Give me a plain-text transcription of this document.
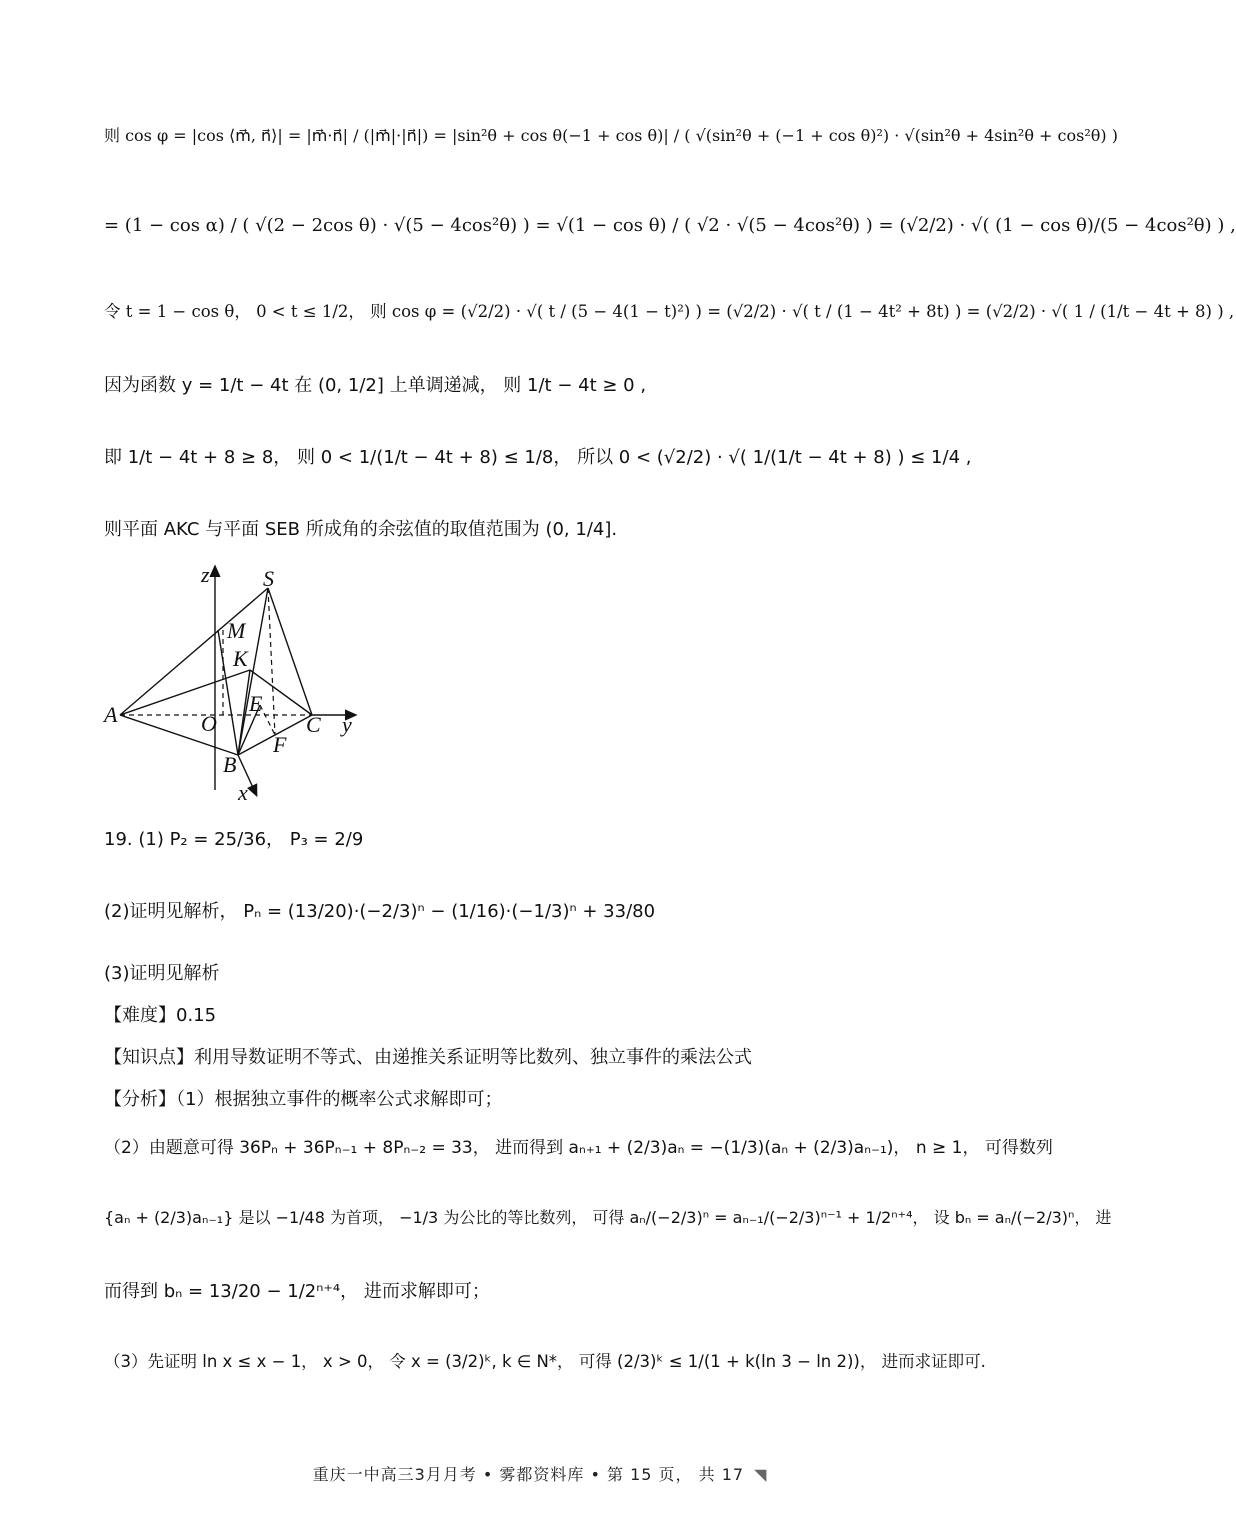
则 cos φ = |cos ⟨m⃗, n⃗⟩| = |m⃗·n⃗| / (|m⃗|·|n⃗|) = |sin²θ + cos θ(−1 + cos θ)| / ( √(sin²θ + (−1 + cos θ)²) · √(sin²θ + 4sin²θ + cos²θ) )
= (1 − cos α) / ( √(2 − 2cos θ) · √(5 − 4cos²θ) ) = √(1 − cos θ) / ( √2 · √(5 − 4cos²θ) ) = (√2/2) · √( (1 − cos θ)/(5 − 4cos²θ) ) ,
令 t = 1 − cos θ， 0 < t ≤ 1/2， 则 cos φ = (√2/2) · √( t / (5 − 4(1 − t)²) ) = (√2/2) · √( t / (1 − 4t² + 8t) ) = (√2/2) · √( 1 / (1/t − 4t + 8) ) ,
因为函数 y = 1/t − 4t 在 (0, 1/2] 上单调递减， 则 1/t − 4t ≥ 0 ,
即 1/t − 4t + 8 ≥ 8， 则 0 < 1/(1/t − 4t + 8) ≤ 1/8， 所以 0 < (√2/2) · √( 1/(1/t − 4t + 8) ) ≤ 1/4 ,
则平面 AKC 与平面 SEB 所成角的余弦值的取值范围为 (0, 1/4].
z S
M
K
A	O
E
C y
F
B
x
19. (1) P₂ = 25/36， P₃ = 2/9
(2)证明见解析， Pₙ = (13/20)·(−2/3)ⁿ − (1/16)·(−1/3)ⁿ + 33/80
(3)证明见解析
【难度】0.15
【知识点】利用导数证明不等式、由递推关系证明等比数列、独立事件的乘法公式
【分析】（1）根据独立事件的概率公式求解即可；
（2）由题意可得 36Pₙ + 36Pₙ₋₁ + 8Pₙ₋₂ = 33， 进而得到 aₙ₊₁ + (2/3)aₙ = −(1/3)(aₙ + (2/3)aₙ₋₁)， n ≥ 1， 可得数列
{aₙ + (2/3)aₙ₋₁} 是以 −1/48 为首项， −1/3 为公比的等比数列， 可得 aₙ/(−2/3)ⁿ = aₙ₋₁/(−2/3)ⁿ⁻¹ + 1/2ⁿ⁺⁴， 设 bₙ = aₙ/(−2/3)ⁿ， 进
而得到 bₙ = 13/20 − 1/2ⁿ⁺⁴， 进而求解即可；
（3）先证明 ln x ≤ x − 1， x > 0， 令 x = (3/2)ᵏ, k ∈ N*， 可得 (2/3)ᵏ ≤ 1/(1 + k(ln 3 − ln 2))， 进而求证即可.
重庆一中高三3月月考 • 雾都资料库 • 第 15 页， 共 17 ◥
